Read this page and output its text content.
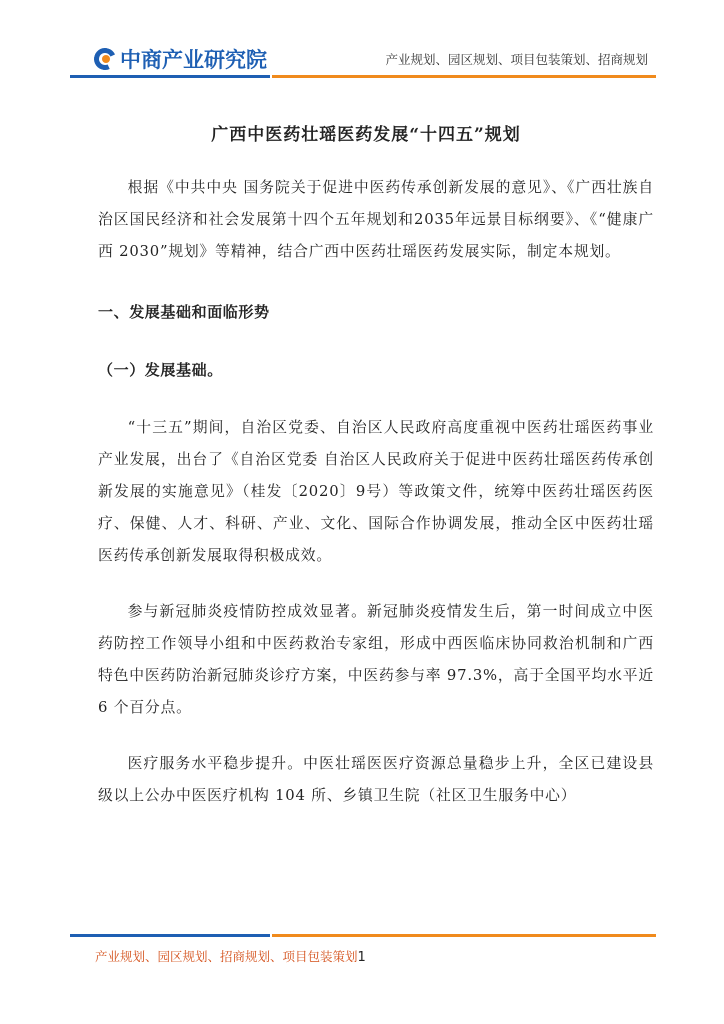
中商产业研究院	产业规划、园区规划、项目包装策划、招商规划
广西中医药壮瑶医药发展“十四五”规划

根据《中共中央 国务院关于促进中医药传承创新发展的意见》、《广西壮族自治区国民经济和社会发展第十四个五年规划和2035年远景目标纲要》、《“健康广西 2030”规划》等精神，结合广西中医药壮瑶医药发展实际，制定本规划。

一、发展基础和面临形势

（一）发展基础。

“十三五”期间，自治区党委、自治区人民政府高度重视中医药壮瑶医药事业产业发展，出台了《自治区党委 自治区人民政府关于促进中医药壮瑶医药传承创新发展的实施意见》（桂发〔2020〕9号）等政策文件，统筹中医药壮瑶医药医疗、保健、人才、科研、产业、文化、国际合作协调发展，推动全区中医药壮瑶医药传承创新发展取得积极成效。

参与新冠肺炎疫情防控成效显著。新冠肺炎疫情发生后，第一时间成立中医药防控工作领导小组和中医药救治专家组，形成中西医临床协同救治机制和广西特色中医药防治新冠肺炎诊疗方案，中医药参与率 97.3%，高于全国平均水平近 6 个百分点。

医疗服务水平稳步提升。中医壮瑶医医疗资源总量稳步上升，全区已建设县级以上公办中医医疗机构 104 所、乡镇卫生院（社区卫生服务中心）

产业规划、园区规划、招商规划、项目包装策划1
